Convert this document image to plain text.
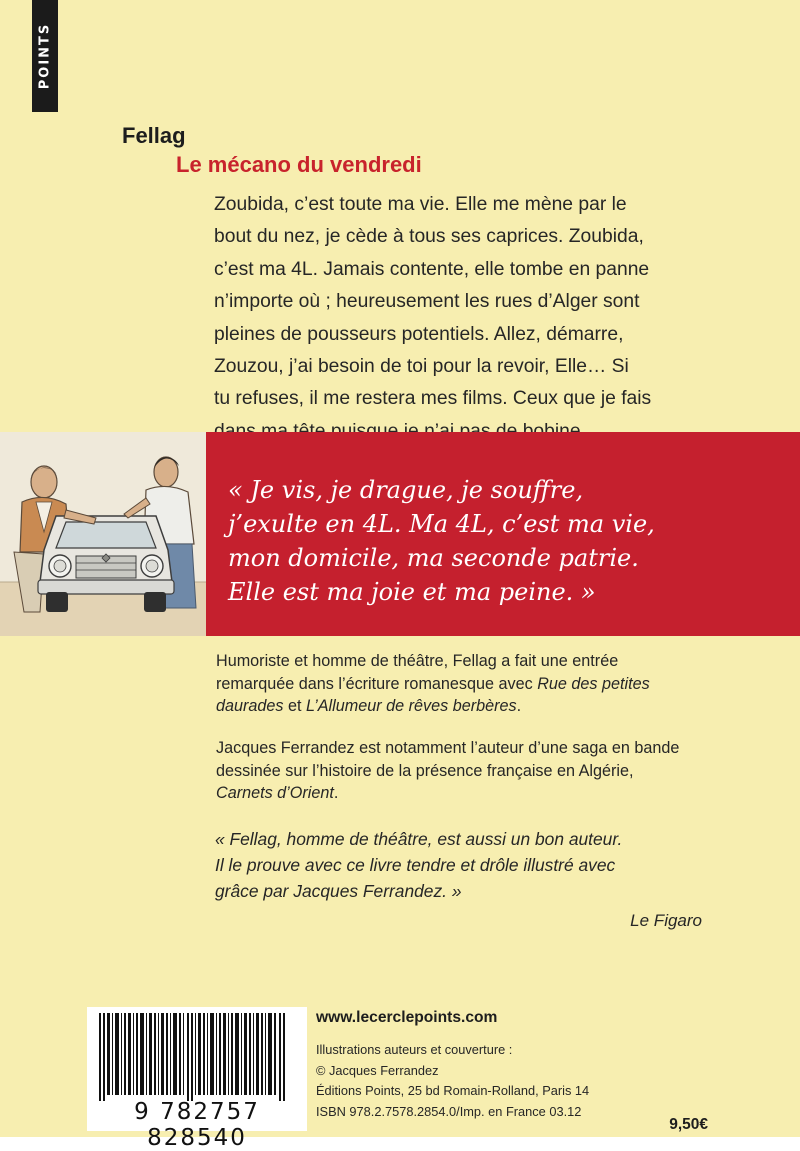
POINTS
Fellag
Le mécano du vendredi
Zoubida, c’est toute ma vie. Elle me mène par le
bout du nez, je cède à tous ses caprices. Zoubida,
c’est ma 4L. Jamais contente, elle tombe en panne
n’importe où ; heureusement les rues d’Alger sont
pleines de pousseurs potentiels. Allez, démarre,
Zouzou, j’ai besoin de toi pour la revoir, Elle… Si
tu refuses, il me restera mes films. Ceux que je fais
« Je vis, je drague, je souffre,
j’exulte en 4L. Ma 4L, c’est ma vie,
mon domicile, ma seconde patrie.
Elle est ma joie et ma peine. »
Humoriste et homme de théâtre, Fellag a fait une entrée
remarquée dans l’écriture romanesque avec Rue des petites
daurades et L’Allumeur de rêves berbères.
Jacques Ferrandez est notamment l’auteur d’une saga en bande
dessinée sur l’histoire de la présence française en Algérie,
Carnets d’Orient.
« Fellag, homme de théâtre, est aussi un bon auteur.
Il le prouve avec ce livre tendre et drôle illustré avec
grâce par Jacques Ferrandez. »
Le Figaro
9 782757 828540
www.lecerclepoints.com
Illustrations auteurs et couverture :
© Jacques Ferrandez
Éditions Points, 25 bd Romain-Rolland, Paris 14
ISBN 978.2.7578.2854.0/Imp. en France 03.12
9,50€
